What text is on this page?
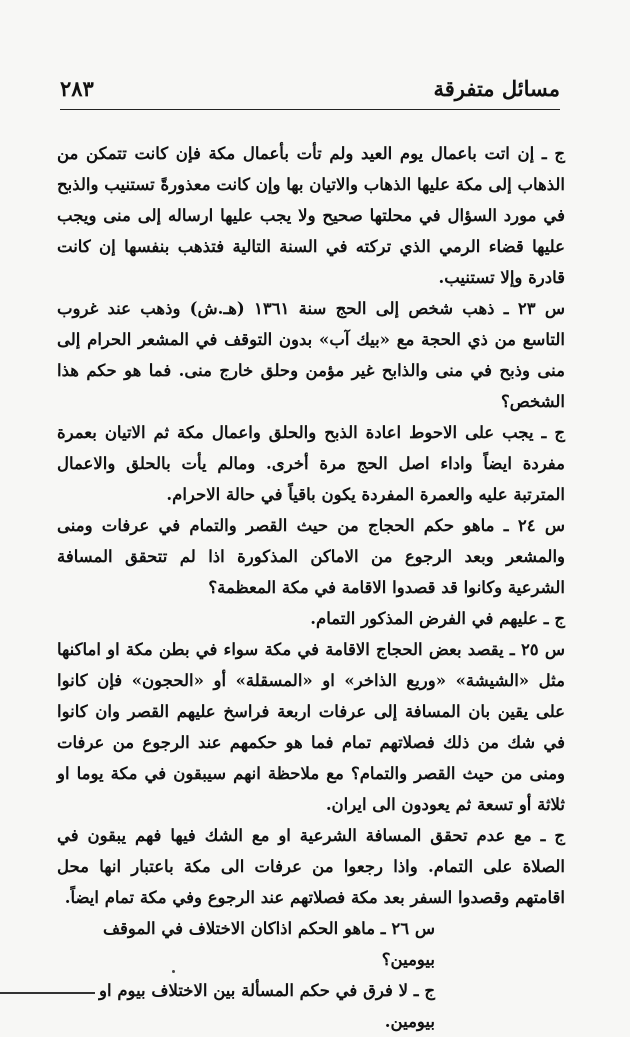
مسائل متفرقة
٢٨٣

ج ـ إن اتت باعمال يوم العيد ولم تأت بأعمال مكة فإن كانت تتمكن من الذهاب إلى مكة عليها الذهاب والاتيان بها وإن كانت معذورةً تستنيب والذبح في مورد السؤال في محلتها صحيح ولا يجب عليها ارساله إلى منى ويجب عليها قضاء الرمي الذي تركته في السنة التالية فتذهب بنفسها إن كانت قادرة وإلا تستنيب.

س ٢٣ ـ ذهب شخص إلى الحج سنة ١٣٦١ (هـ.ش) وذهب عند غروب التاسع من ذي الحجة مع «بيك آب» بدون التوقف في المشعر الحرام إلى منى وذبح في منى والذابح غير مؤمن وحلق خارج منى. فما هو حكم هذا الشخص؟

ج ـ يجب على الاحوط اعادة الذبح والحلق واعمال مكة ثم الاتيان بعمرة مفردة ايضاً واداء اصل الحج مرة أخرى. ومالم يأت بالحلق والاعمال المترتبة عليه والعمرة المفردة يكون باقياً في حالة الاحرام.

س ٢٤ ـ ماهو حكم الحجاج من حيث القصر والتمام في عرفات ومنى والمشعر وبعد الرجوع من الاماكن المذكورة اذا لم تتحقق المسافة الشرعية وكانوا قد قصدوا الاقامة في مكة المعظمة؟

ج ـ عليهم في الفرض المذكور التمام.

س ٢٥ ـ يقصد بعض الحجاج الاقامة في مكة سواء في بطن مكة او اماكنها مثل «الشيشة» «وريع الذاخر» او «المسقلة» أو «الحجون» فإن كانوا على يقين بان المسافة إلى عرفات اربعة فراسخ عليهم القصر وان كانوا في شك من ذلك فصلاتهم تمام فما هو حكمهم عند الرجوع من عرفات ومنى من حيث القصر والتمام؟ مع ملاحظة انهم سيبقون في مكة يوما او ثلاثة أو تسعة ثم يعودون الى ايران.

ج ـ مع عدم تحقق المسافة الشرعية او مع الشك فيها فهم يبقون في الصلاة على التمام. واذا رجعوا من عرفات الى مكة باعتبار انها محل اقامتهم وقصدوا السفر بعد مكة فصلاتهم عند الرجوع وفي مكة تمام ايضاً.

س ٢٦ ـ ماهو الحكم اذاكان الاختلاف في الموقف بيومين؟

ج ـ لا فرق في حكم المسألة بين الاختلاف بيوم او بيومين.
